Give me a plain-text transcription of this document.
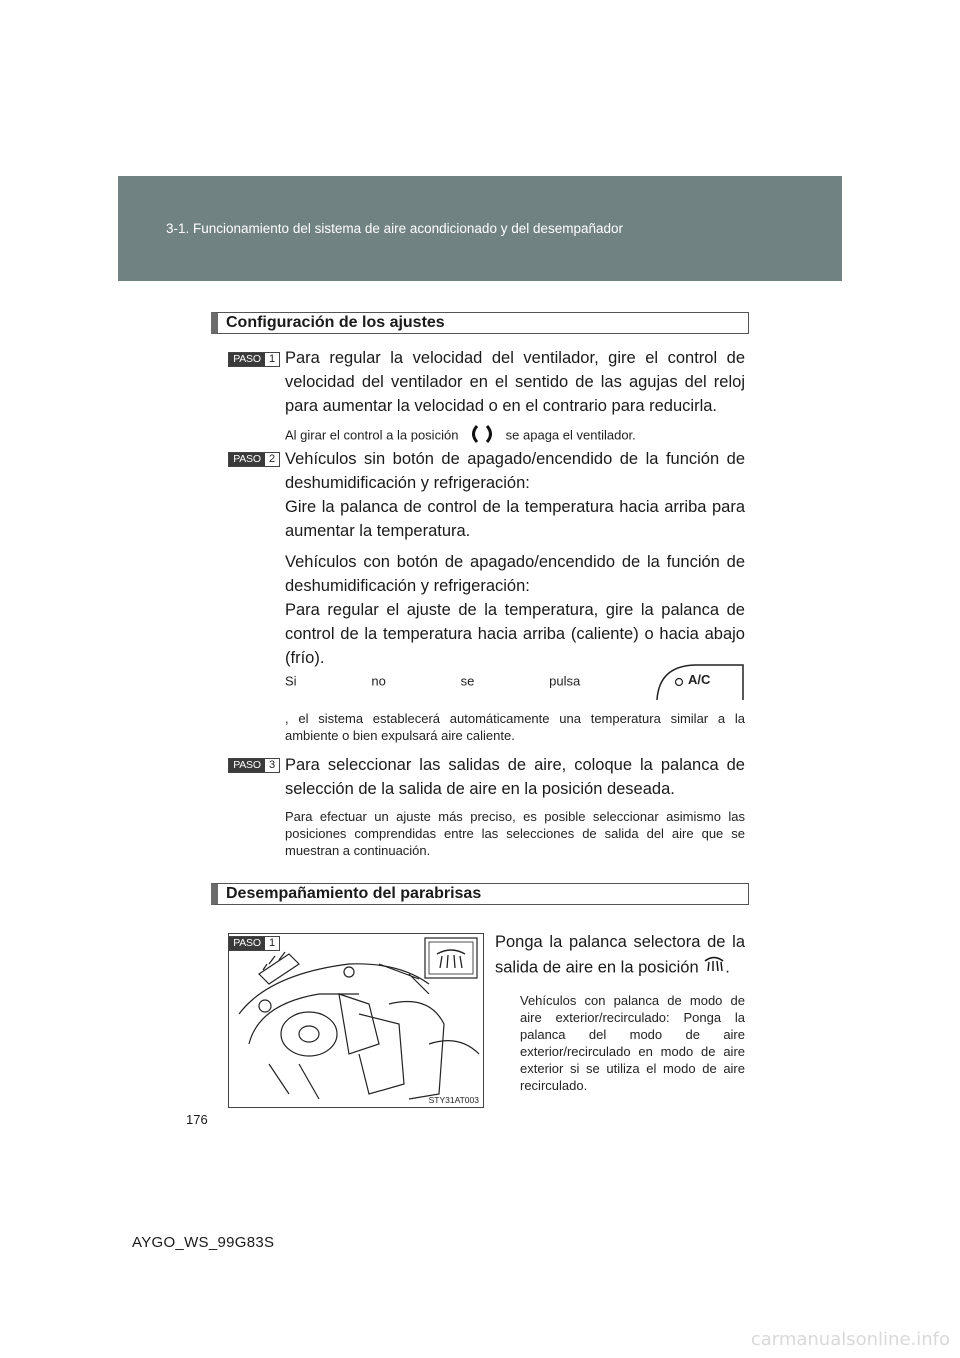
3-1. Funcionamiento del sistema de aire acondicionado y del desempañador
Configuración de los ajustes
PASO 1 Para regular la velocidad del ventilador, gire el control de velocidad del ventilador en el sentido de las agujas del reloj para aumentar la velocidad o en el contrario para reducirla.
Al girar el control a la posición	se apaga el ventilador.
PASO 2 Vehículos sin botón de apagado/encendido de la función de deshumidificación y refrigeración:

Gire la palanca de control de la temperatura hacia arriba para aumentar la temperatura.

Vehículos con botón de apagado/encendido de la función de deshumidificación y refrigeración:

Para regular el ajuste de la temperatura, gire la palanca de control de la temperatura hacia arriba (caliente) o hacia abajo (frío).

Si no se pulsa	A/C
, el sistema establecerá automáticamente una temperatura similar a la ambiente o bien expulsará aire caliente.
PASO 3 Para seleccionar las salidas de aire, coloque la palanca de selección de la salida de aire en la posición deseada.
Para efectuar un ajuste más preciso, es posible seleccionar asimismo las posiciones comprendidas entre las selecciones de salida del aire que se muestran a continuación.
Desempañamiento del parabrisas
PASO 1
STY31AT003
Ponga la palanca selectora de la salida de aire en la posición .
Vehículos con palanca de modo de aire exterior/recirculado: Ponga la palanca del modo de aire exterior/recirculado en modo de aire exterior si se utiliza el modo de aire recirculado.
176
AYGO_WS_99G83S
carmanualsonline.info
